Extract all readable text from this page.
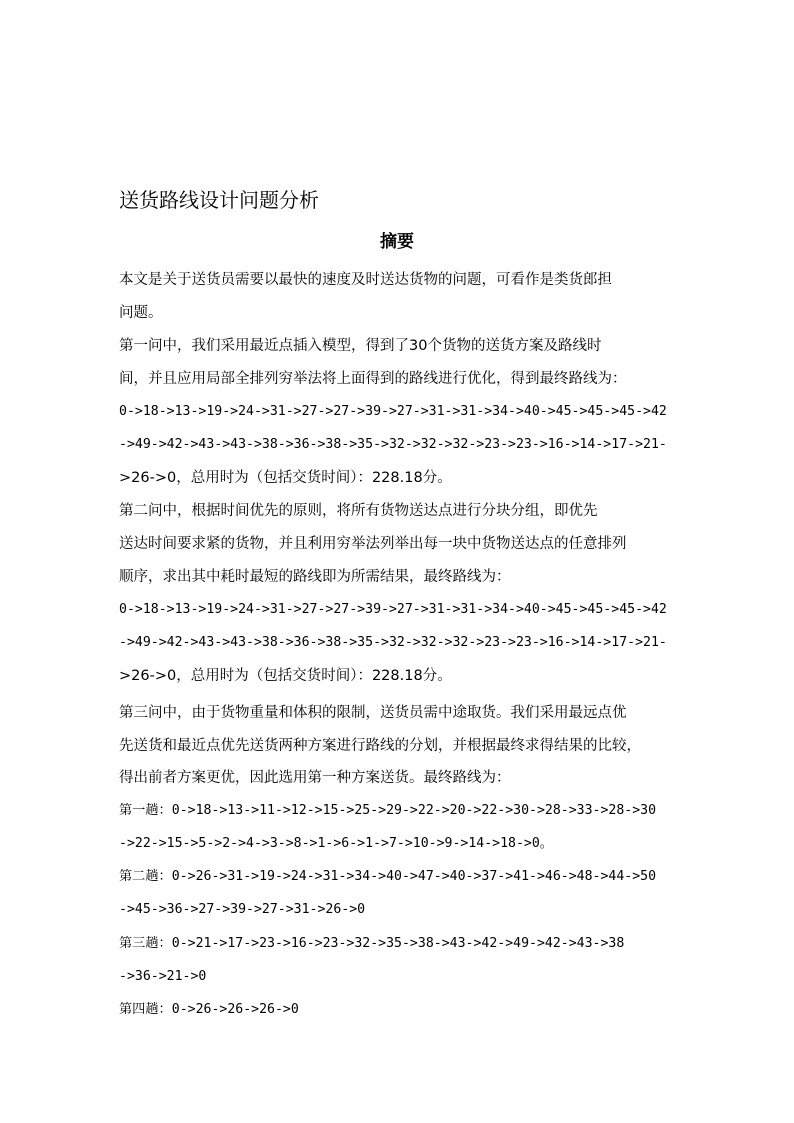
送货路线设计问题分析
摘要
本文是关于送货员需要以最快的速度及时送达货物的问题，可看作是类货郎担
问题。
第一问中，我们采用最近点插入模型，得到了30个货物的送货方案及路线时
间，并且应用局部全排列穷举法将上面得到的路线进行优化，得到最终路线为：
0->18->13->19->24->31->27->27->39->27->31->31->34->40->45->45->45->42
->49->42->43->43->38->36->38->35->32->32->32->23->23->16->14->17->21-
>26->0，总用时为（包括交货时间）：228.18分。
第二问中，根据时间优先的原则，将所有货物送达点进行分块分组，即优先
送达时间要求紧的货物，并且利用穷举法列举出每一块中货物送达点的任意排列
顺序，求出其中耗时最短的路线即为所需结果，最终路线为：
0->18->13->19->24->31->27->27->39->27->31->31->34->40->45->45->45->42
->49->42->43->43->38->36->38->35->32->32->32->23->23->16->14->17->21-
>26->0，总用时为（包括交货时间）：228.18分。
第三问中，由于货物重量和体积的限制，送货员需中途取货。我们采用最远点优
先送货和最近点优先送货两种方案进行路线的分划，并根据最终求得结果的比较，
得出前者方案更优，因此选用第一种方案送货。最终路线为：
第一趟：0->18->13->11->12->15->25->29->22->20->22->30->28->33->28->30
->22->15->5->2->4->3->8->1->6->1->7->10->9->14->18->0。
第二趟：0->26->31->19->24->31->34->40->47->40->37->41->46->48->44->50
->45->36->27->39->27->31->26->0
第三趟：0->21->17->23->16->23->32->35->38->43->42->49->42->43->38
->36->21->0
第四趟：0->26->26->26->0
